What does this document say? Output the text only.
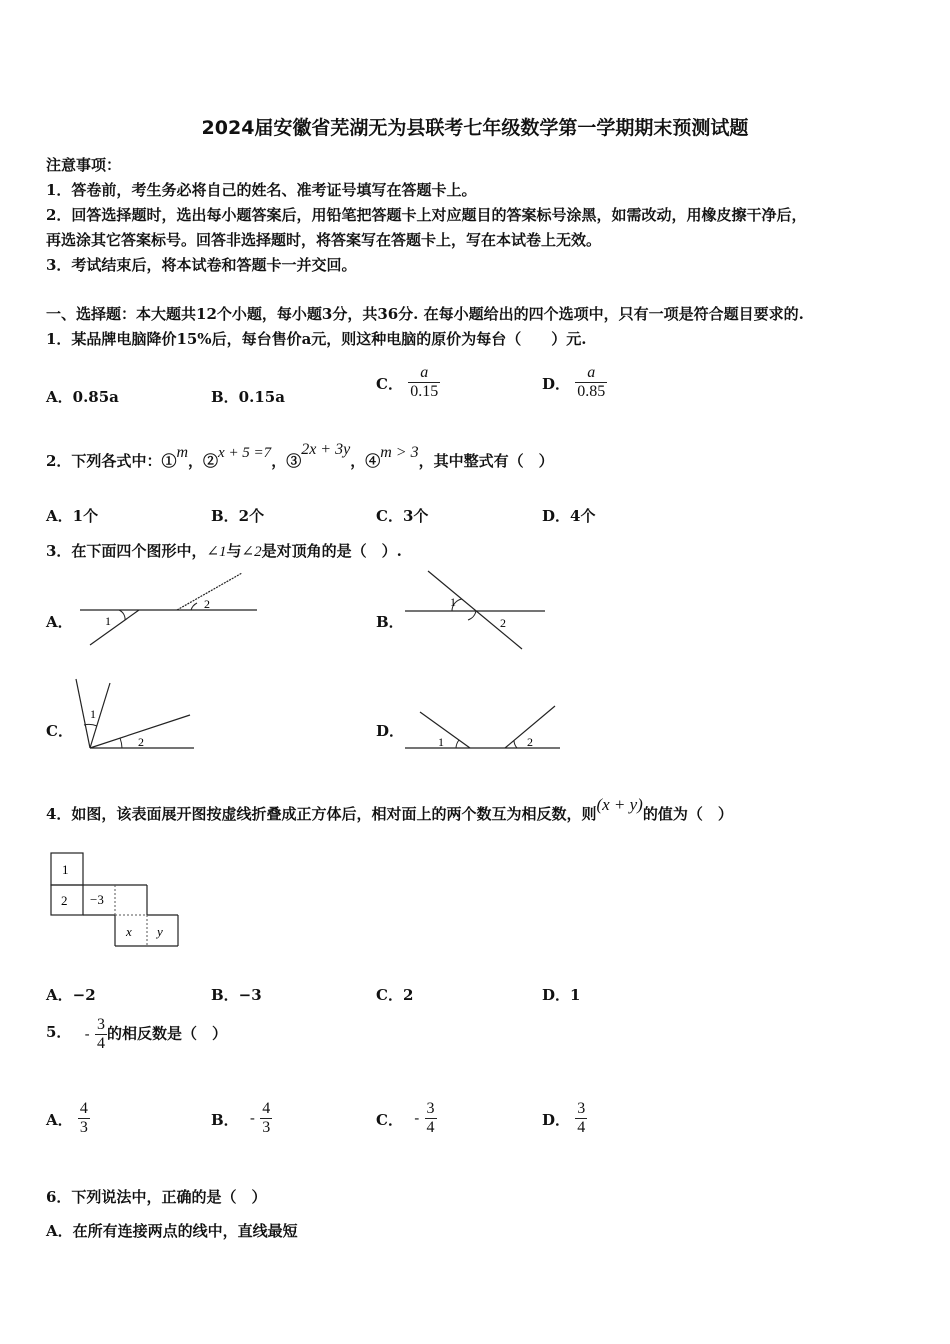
2024届安徽省芜湖无为县联考七年级数学第一学期期末预测试题
注意事项：
1．答卷前，考生务必将自己的姓名、准考证号填写在答题卡上。
2．回答选择题时，选出每小题答案后，用铅笔把答题卡上对应题目的答案标号涂黑，如需改动，用橡皮擦干净后，
再选涂其它答案标号。回答非选择题时，将答案写在答题卡上，写在本试卷上无效。
3．考试结束后，将本试卷和答题卡一并交回。
一、选择题：本大题共12个小题，每小题3分，共36分. 在每小题给出的四个选项中，只有一项是符合题目要求的.
1．某品牌电脑降价15%后，每台售价a元，则这种电脑的原价为每台（　　）元.
A．0.85a	B．0.15a
C． $\frac{a}{0.15}$	D． $\frac{a}{0.85}$
2．下列各式中：①m，②x + 5 =7，③2x + 3y，④m > 3，其中整式有（　）
A．1个	B．2个	C．3个	D．4个
3．在下面四个图形中，∠1与∠2是对顶角的是（　）.
A．	1
2
B．
1
2
C．
1
2
D．
1	2
4．如图，该表面展开图按虚线折叠成正方体后，相对面上的两个数互为相反数，则(x + y)的值为（　）
1
2 −3
x y
A．−2	B．−3	C．2	D．1
5． - $\frac{3}{4}$ 的相反数是（　）
A． $\frac{4}{3}$	B． - $\frac{4}{3}$	C． - $\frac{3}{4}$	D． $\frac{3}{4}$
6．下列说法中，正确的是（　）
A．在所有连接两点的线中，直线最短
